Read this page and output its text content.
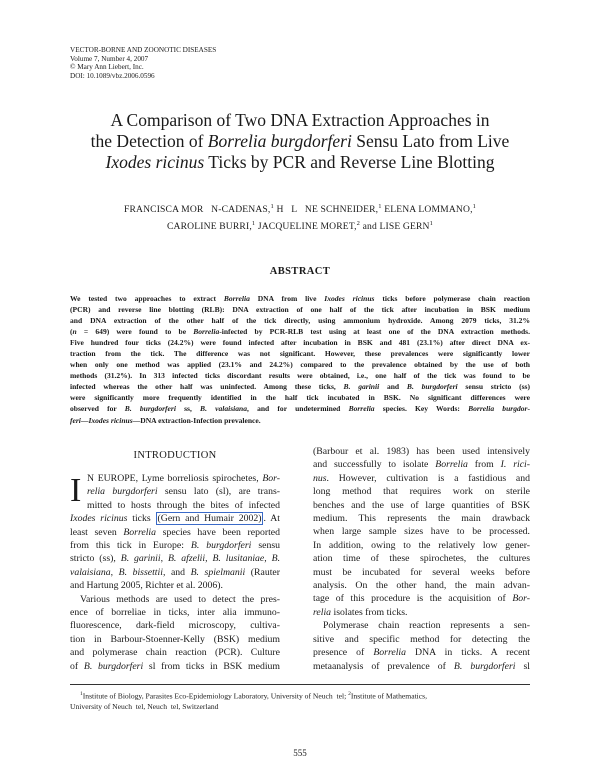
VECTOR-BORNE AND ZOONOTIC DISEASES
Volume 7, Number 4, 2007
© Mary Ann Liebert, Inc.
DOI: 10.1089/vbz.2006.0596
A Comparison of Two DNA Extraction Approaches in
the Detection of Borrelia burgdorferi Sensu Lato from Live
Ixodes ricinus Ticks by PCR and Reverse Line Blotting
FRANCISCA MOR N-CADENAS,$^1$ H   L   NE SCHNEIDER,$^1$ ELENA LOMMANO,$^1$
CAROLINE BURRI,$^1$ JACQUELINE MORET,$^2$ and LISE GERN$^1$
ABSTRACT
We tested two approaches to extract Borrelia DNA from live Ixodes ricinus ticks before polymerase chain reaction
(PCR) and reverse line blotting (RLB): DNA extraction of one half of the tick after incubation in BSK medium
and DNA extraction of the other half of the tick directly, using ammonium hydroxide. Among 2079 ticks, 31.2%
(n = 649) were found to be Borrelia-infected by PCR-RLB test using at least one of the DNA extraction methods.
Five hundred four ticks (24.2%) were found infected after incubation in BSK and 481 (23.1%) after direct DNA ex-
traction from the tick. The difference was not significant. However, these prevalences were significantly lower
when only one method was applied (23.1% and 24.2%) compared to the prevalence obtained by the use of both
methods (31.2%). In 313 infected ticks discordant results were obtained, i.e., one half of the tick was found to be
infected whereas the other half was uninfected. Among these ticks, B. garinii and B. burgdorferi sensu stricto (ss)
were significantly more frequently identified in the half tick incubated in BSK. No significant differences were
observed for B. burgdorferi ss, B. valaisiana, and for undetermined Borrelia species. Key Words: Borrelia burgdor-
feri—Ixodes ricinus—DNA extraction-Infection prevalence.
INTRODUCTION
I N EUROPE, Lyme borreliosis spirochetes, Bor-
relia burgdorferi sensu lato (sl), are trans-
mitted to hosts through the bites of infected
Ixodes ricinus ticks (Gern and Humair 2002) . At
least seven Borrelia species have been reported
from this tick in Europe: B. burgdorferi sensu
stricto (ss), B. garinii, B. afzelii, B. lusitaniae, B.
valaisiana, B. bissettii, and B. spielmanii (Rauter
and Hartung 2005, Richter et al. 2006).
Various methods are used to detect the pres-
ence of borreliae in ticks, inter alia immuno-
fluorescence, dark-field microscopy, cultiva-
tion in Barbour-Stoenner-Kelly (BSK) medium
and polymerase chain reaction (PCR). Culture
of B. burgdorferi sl from ticks in BSK medium
(Barbour et al. 1983) has been used intensively
and successfully to isolate Borrelia from I. rici-
nus. However, cultivation is a fastidious and
long method that requires work on sterile
benches and the use of large quantities of BSK
medium. This represents the main drawback
when large sample sizes have to be processed.
In addition, owing to the relatively low gener-
ation time of these spirochetes, the cultures
must be incubated for several weeks before
analysis. On the other hand, the main advan-
tage of this procedure is the acquisition of Bor-
relia isolates from ticks.
Polymerase chain reaction represents a sen-
sitive and specific method for detecting the
presence of Borrelia DNA in ticks. A recent
metaanalysis of prevalence of B. burgdorferi sl
$^1$Institute of Biology, Parasites Eco-Epidemiology Laboratory, University of Neuch  tel; $^2$Institute of Mathematics,
University of Neuch  tel, Neuch  tel, Switzerland
555
